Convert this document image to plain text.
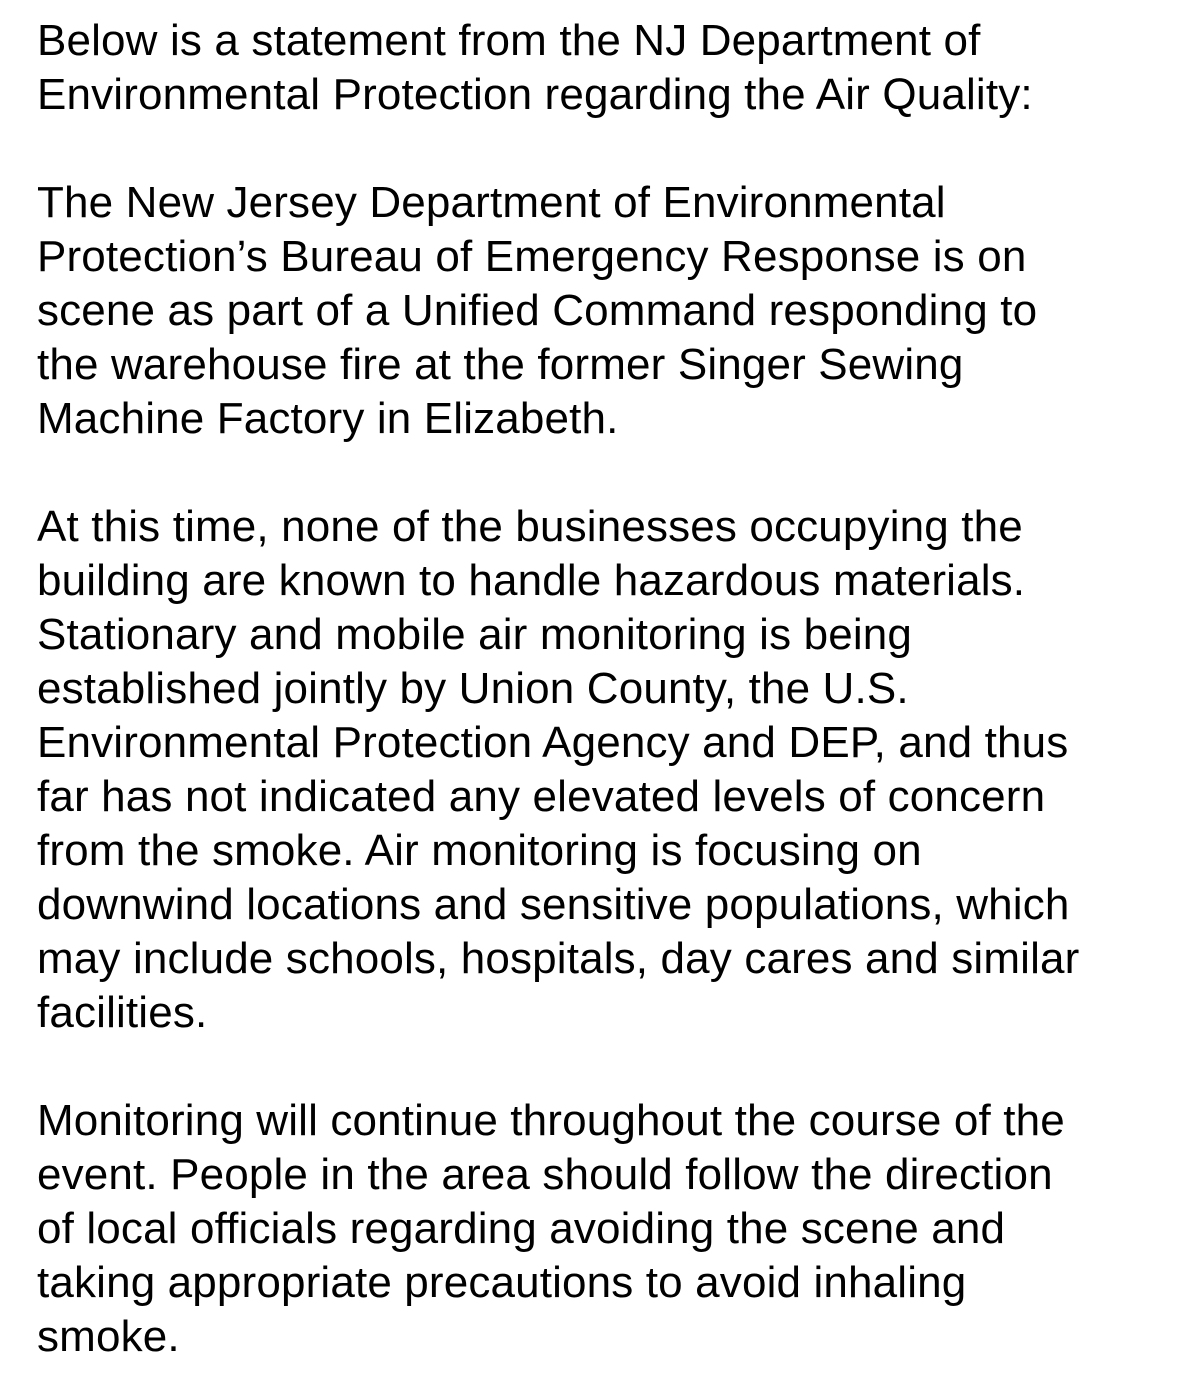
Below is a statement from the NJ Department of
Environmental Protection regarding the Air Quality:

The New Jersey Department of Environmental
Protection’s Bureau of Emergency Response is on
scene as part of a Unified Command responding to
the warehouse fire at the former Singer Sewing
Machine Factory in Elizabeth.

At this time, none of the businesses occupying the
building are known to handle hazardous materials.
Stationary and mobile air monitoring is being
established jointly by Union County, the U.S.
Environmental Protection Agency and DEP, and thus
far has not indicated any elevated levels of concern
from the smoke. Air monitoring is focusing on
downwind locations and sensitive populations, which
may include schools, hospitals, day cares and similar
facilities.

Monitoring will continue throughout the course of the
event. People in the area should follow the direction
of local officials regarding avoiding the scene and
taking appropriate precautions to avoid inhaling
smoke.
